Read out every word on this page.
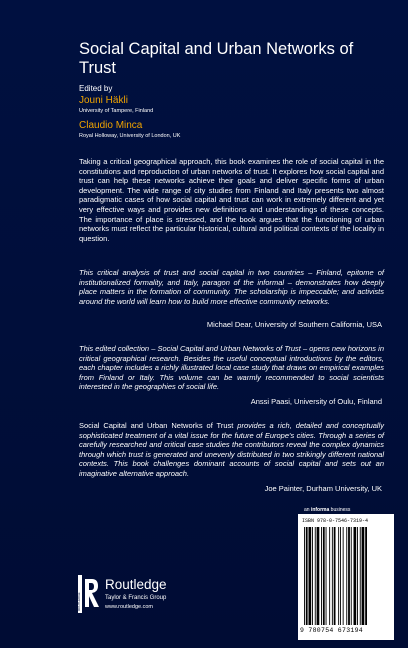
Social Capital and Urban Networks of Trust
Edited by
Jouni Häkli
University of Tampere, Finland
Claudio Minca
Royal Holloway, University of London, UK

Taking a critical geographical approach, this book examines the role of social capital in the constitutions and reproduction of urban networks of trust. It explores how social capital and trust can help these networks achieve their goals and deliver specific forms of urban development. The wide range of city studies from Finland and Italy presents two almost paradigmatic cases of how social capital and trust can work in extremely different and yet very effective ways and provides new definitions and understandings of these concepts. The importance of place is stressed, and the book argues that the functioning of urban networks must reflect the particular historical, cultural and political contexts of the locality in question.

This critical analysis of trust and social capital in two countries – Finland, epitome of institutionalized formality, and Italy, paragon of the informal – demonstrates how deeply place matters in the formation of community. The scholarship is impeccable; and activists around the world will learn how to build more effective community networks.

Michael Dear, University of Southern California, USA

This edited collection – Social Capital and Urban Networks of Trust – opens new horizons in critical geographical research. Besides the useful conceptual introductions by the editors, each chapter includes a richly illustrated local case study that draws on empirical examples from Finland or Italy. This volume can be warmly recommended to social scientists interested in the geographies of social life.

Anssi Paasi, University of Oulu, Finland

Social Capital and Urban Networks of Trust provides a rich, detailed and conceptually sophisticated treatment of a vital issue for the future of Europe's cities. Through a series of carefully researched and critical case studies the contributors reveal the complex dynamics through which trust is generated and unevenly distributed in two strikingly different national contexts. This book challenges dominant accounts of social capital and sets out an imaginative alternative approach.

Joe Painter, Durham University, UK
an informa business
ISBN 978-0-7546-7319-4
9 780754 673194
ROUTLEDGE
Routledge
Taylor & Francis Group
www.routledge.com
